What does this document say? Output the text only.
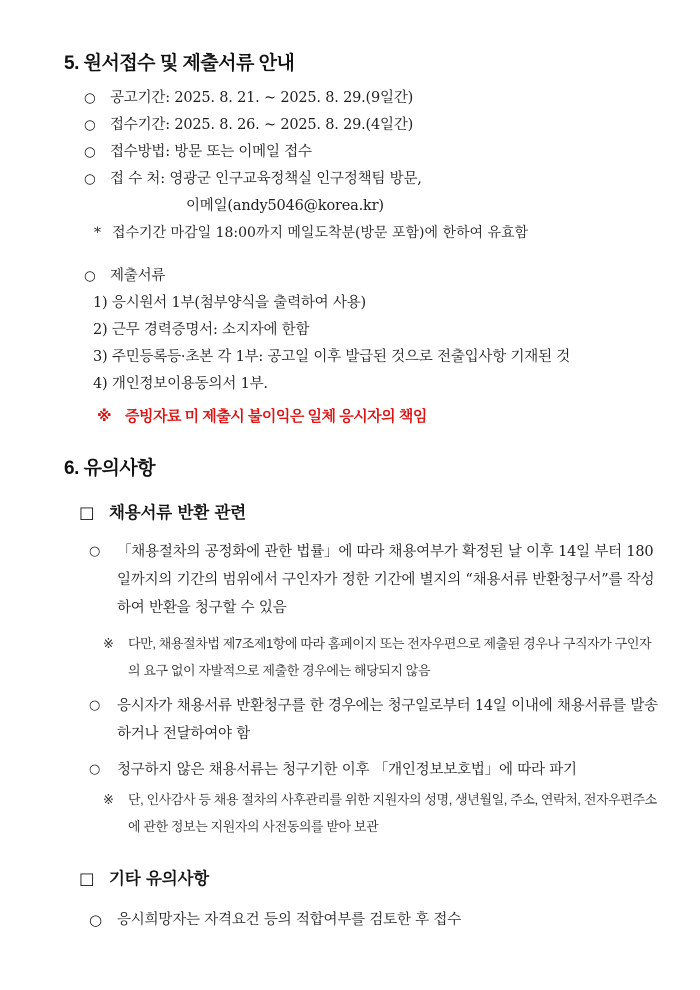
5. 원서접수 및 제출서류 안내
○ 공고기간: 2025. 8. 21. ~ 2025. 8. 29.(9일간)
○ 접수기간: 2025. 8. 26. ~ 2025. 8. 29.(4일간)
○ 접수방법: 방문 또는 이메일 접수
○ 접 수 처: 영광군 인구교육정책실 인구정책팀 방문,
이메일(andy5046@korea.kr)
* 접수기간 마감일 18:00까지 메일도착분(방문 포함)에 한하여 유효함
○ 제출서류
1) 응시원서 1부(첨부양식을 출력하여 사용)
2) 근무 경력증명서: 소지자에 한함
3) 주민등록등·초본 각 1부: 공고일 이후 발급된 것으로 전출입사항 기재된 것
4) 개인정보이용동의서 1부.
※ 증빙자료 미 제출시 불이익은 일체 응시자의 책임
6. 유의사항
□ 채용서류 반환 관련
○	「채용절차의 공정화에 관한 법률」에 따라 채용여부가 확정된 날 이후 14일 부터 180일까지의 기간의 범위에서 구인자가 정한 기간에 별지의 “채용서류 반환청구서”를 작성하여 반환을 청구할 수 있음
※	다만, 채용절차법 제7조제1항에 따라 홈페이지 또는 전자우편으로 제출된 경우나 구직자가 구인자의 요구 없이 자발적으로 제출한 경우에는 해당되지 않음
○	응시자가 채용서류 반환청구를 한 경우에는 청구일로부터 14일 이내에 채용서류를 발송하거나 전달하여야 함
○	청구하지 않은 채용서류는 청구기한 이후 「개인정보보호법」에 따라 파기
※	단, 인사감사 등 채용 절차의 사후관리를 위한 지원자의 성명, 생년월일, 주소, 연락처, 전자우편주소에 관한 정보는 지원자의 사전동의를 받아 보관
□ 기타 유의사항
○	응시희망자는 자격요건 등의 적합여부를 검토한 후 접수
